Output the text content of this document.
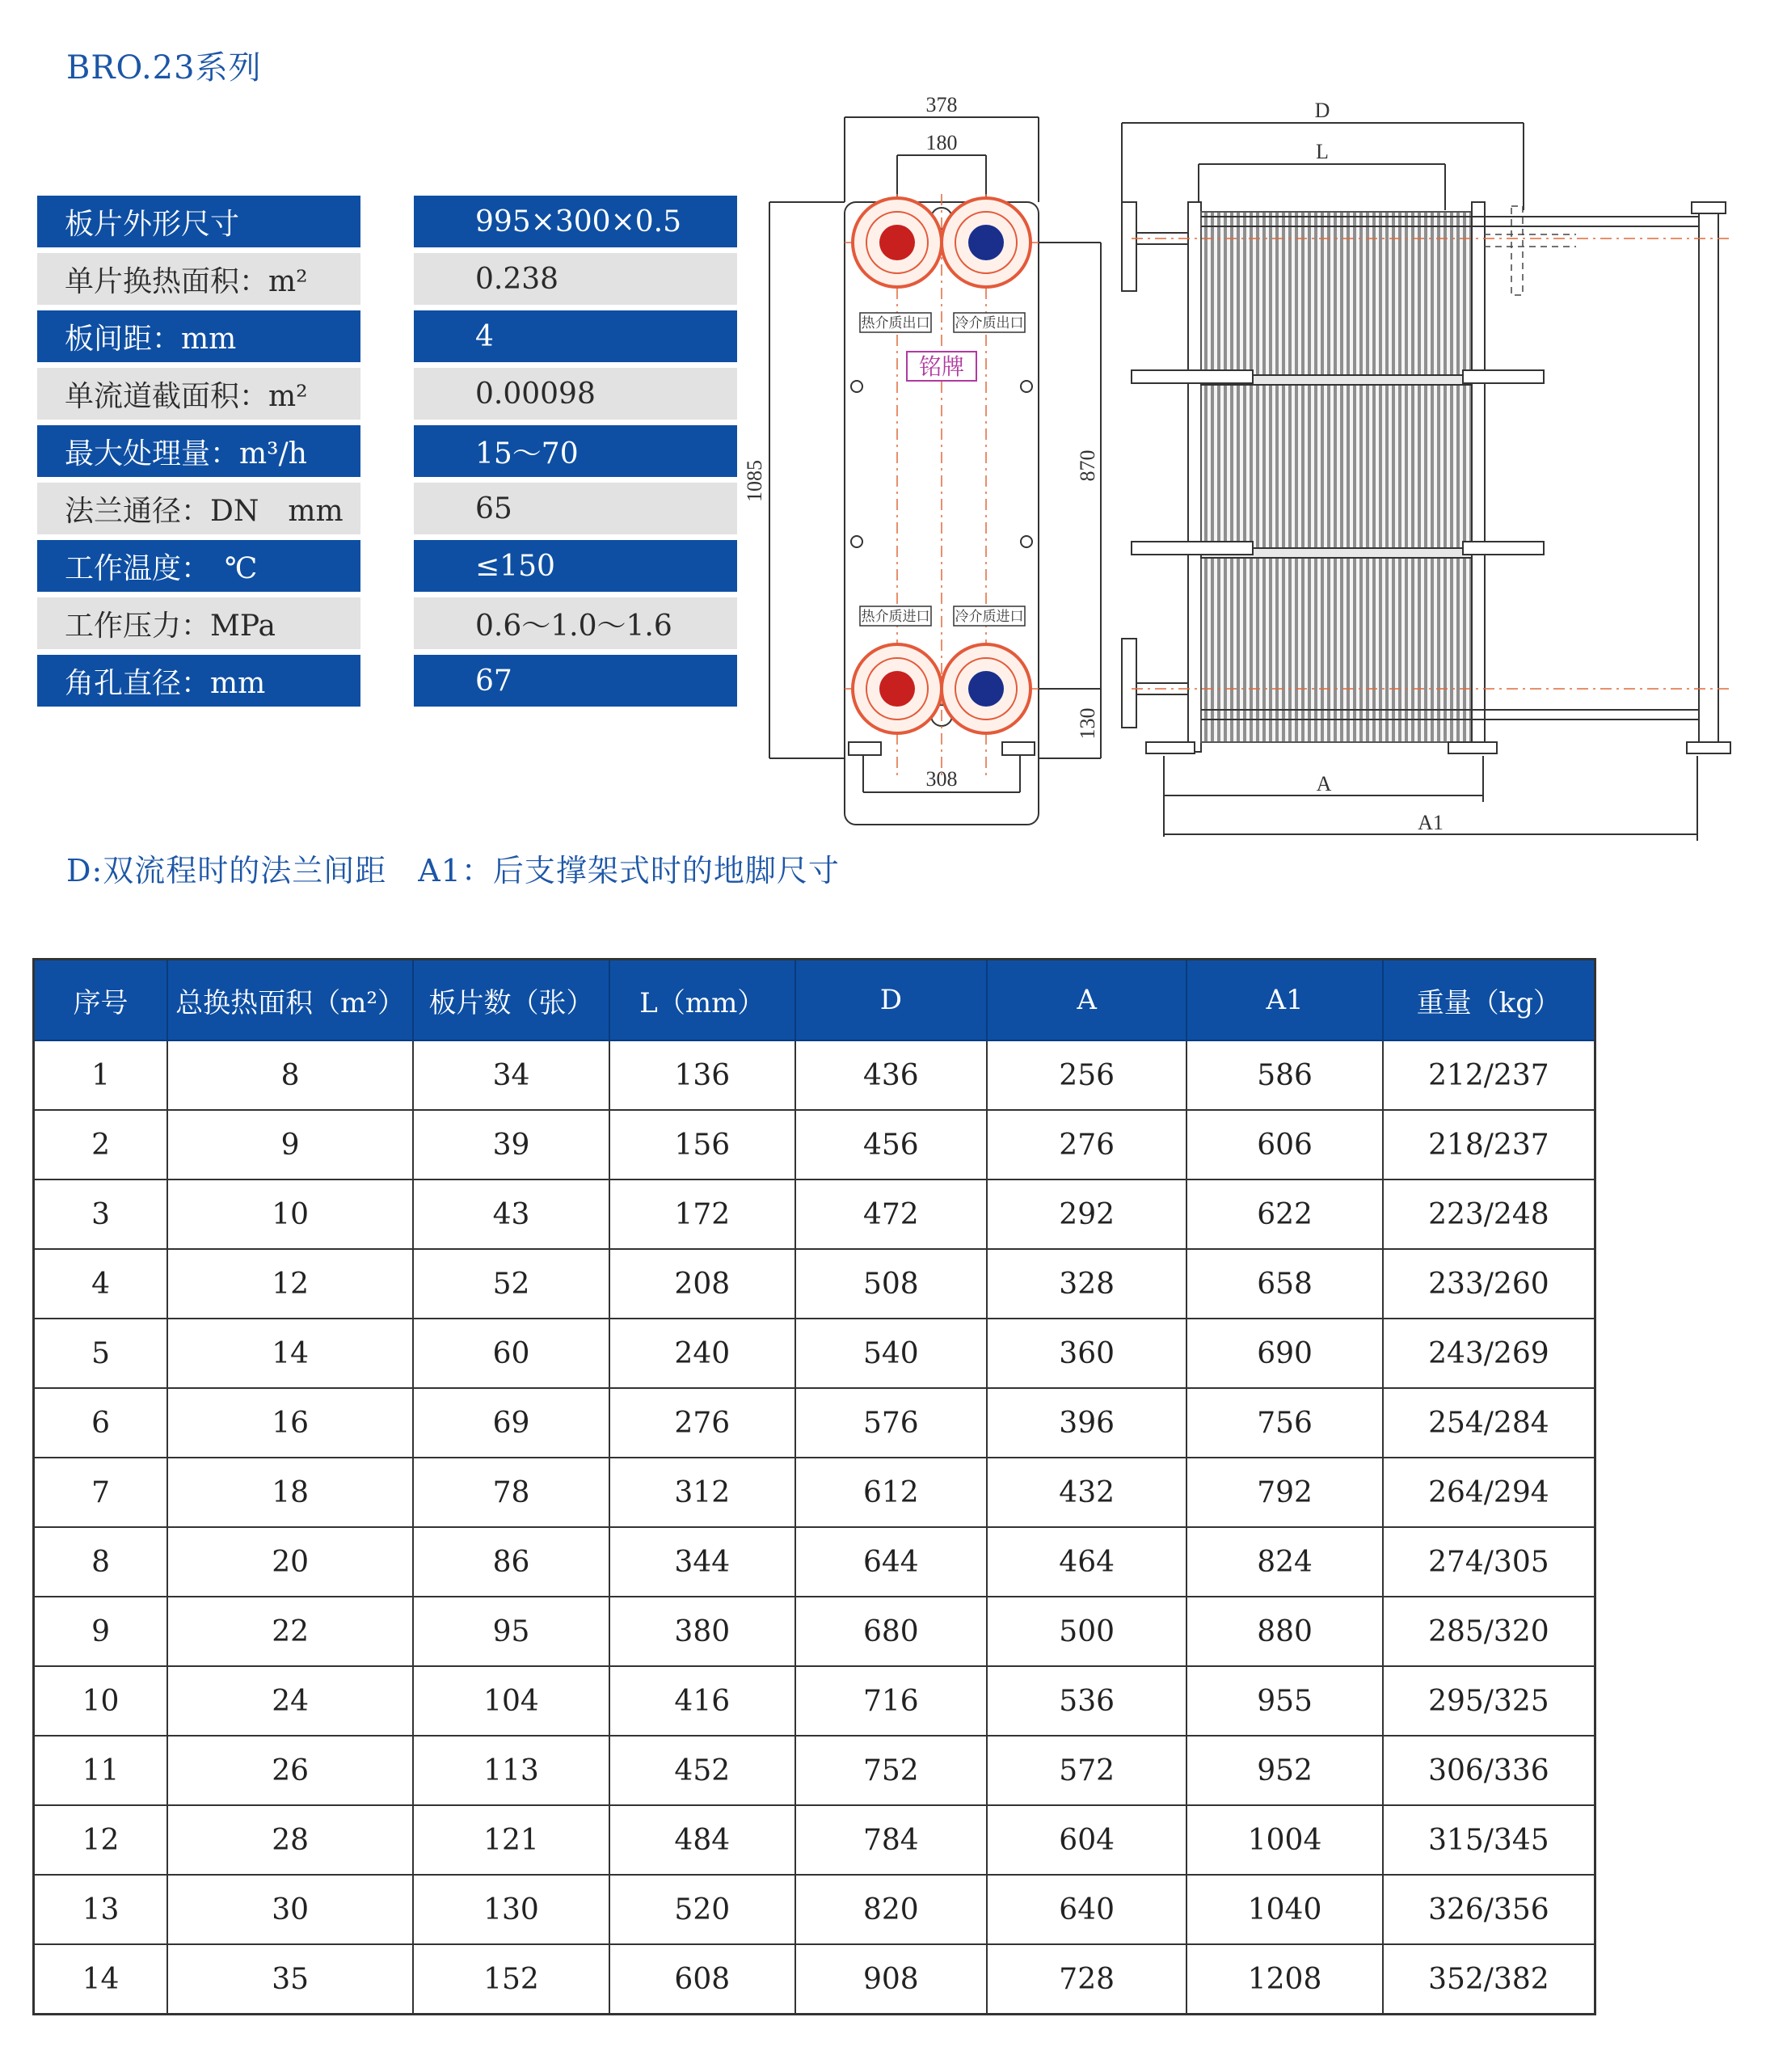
BRO.23系列
板片外形尺寸	995×300×0.5
单片换热面积：m²	0.238
板间距：mm	4
单流道截面积：m²	0.00098
最大处理量：m³/h	15～70
法兰通径：DN　mm	65
工作温度：　℃	≤150
工作压力：MPa	0.6～1.0～1.6
角孔直径：mm	67
热介质出口 冷介质出口
热介质进口 冷介质进口
铭牌
378
180
308
1085	870
130
D
L
A
A1
D:双流程时的法兰间距　A1：后支撑架式时的地脚尺寸
序号	总换热面积（m²）	板片数（张）	L（mm）	D	A	A1	重量（kg）
1	8	34	136	436	256	586	212/237
2	9	39	156	456	276	606	218/237
3	10	43	172	472	292	622	223/248
4	12	52	208	508	328	658	233/260
5	14	60	240	540	360	690	243/269
6	16	69	276	576	396	756	254/284
7	18	78	312	612	432	792	264/294
8	20	86	344	644	464	824	274/305
9	22	95	380	680	500	880	285/320
10	24	104	416	716	536	955	295/325
11	26	113	452	752	572	952	306/336
12	28	121	484	784	604	1004	315/345
13	30	130	520	820	640	1040	326/356
14	35	152	608	908	728	1208	352/382
